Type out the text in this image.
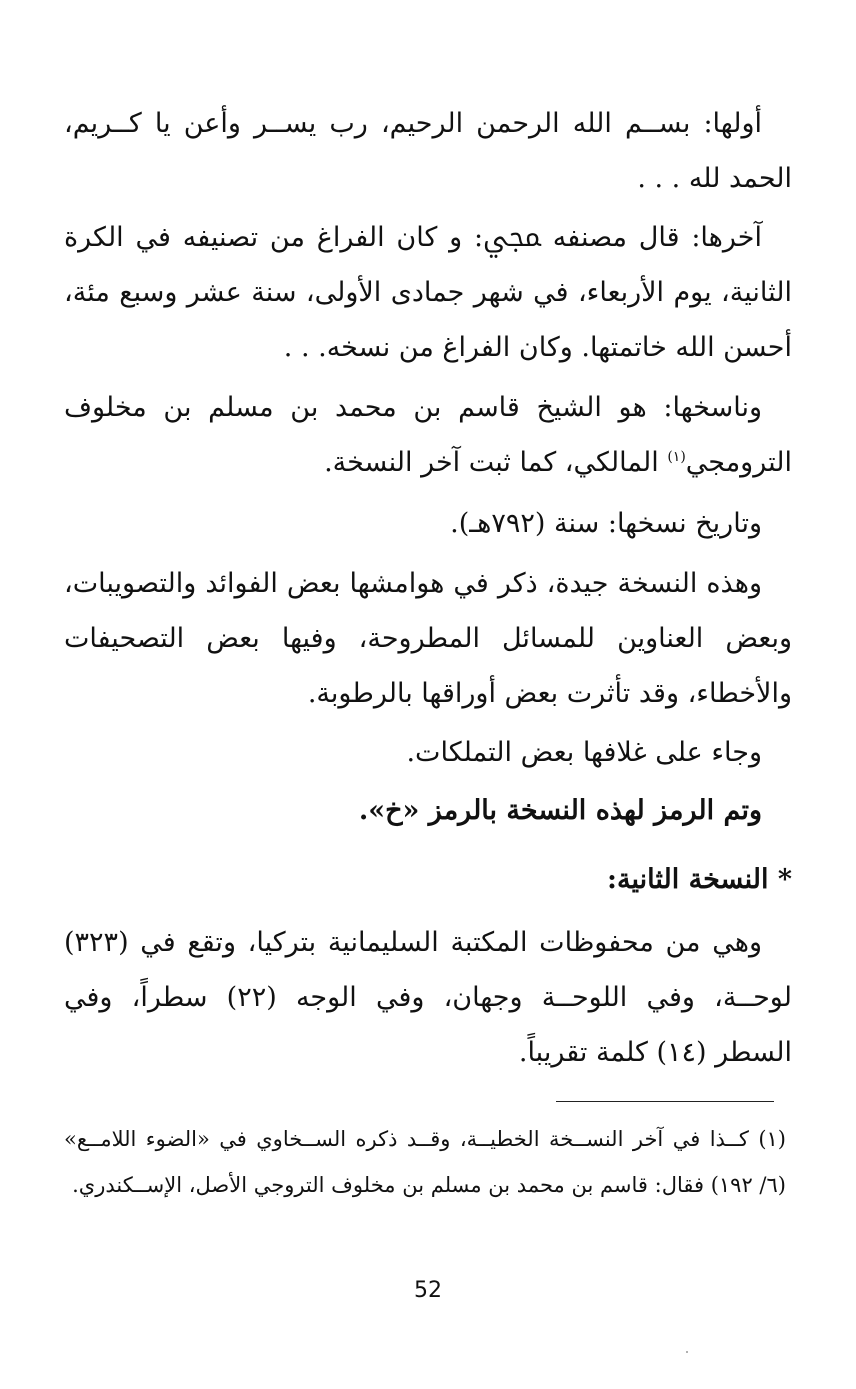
أولها: بســم الله الرحمن الرحيم، رب يســر وأعن يا كــريم، الحمد لله . . .
آخرها: قال مصنفه ﷀ: و كان الفراغ من تصنيفه في الكرة الثانية، يوم الأربعاء، في شهر جمادى الأولى، سنة عشر وسبع مئة، أحسن الله خاتمتها. وكان الفراغ من نسخه. . .
وناسخها: هو الشيخ قاسم بن محمد بن مسلم بن مخلوف الترومجي$^{(١)}$ المالكي، كما ثبت آخر النسخة.
وتاريخ نسخها: سنة (٧٩٢هـ).
وهذه النسخة جيدة، ذكر في هوامشها بعض الفوائد والتصويبات، وبعض العناوين للمسائل المطروحة، وفيها بعض التصحيفات والأخطاء، وقد تأثرت بعض أوراقها بالرطوبة.
وجاء على غلافها بعض التملكات.
وتم الرمز لهذه النسخة بالرمز «خ».
* النسخة الثانية:
وهي من محفوظات المكتبة السليمانية بتركيا، وتقع في (٣٢٣) لوحــة، وفي اللوحــة وجهان، وفي الوجه (٢٢) سطراً، وفي السطر (١٤) كلمة تقريباً.
(١) كــذا في آخر النســخة الخطيــة، وقــد ذكره الســخاوي في «الضوء اللامــع» (٦/ ١٩٢) فقال: قاسم بن محمد بن مسلم بن مخلوف التروجي الأصل، الإســكندري.
52
